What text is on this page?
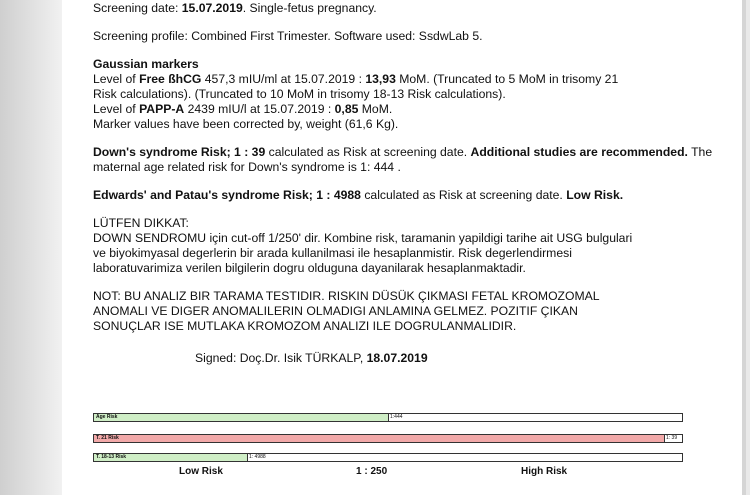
Screening date: 15.07.2019. Single-fetus pregnancy.

Screening profile: Combined First Trimester. Software used: SsdwLab 5.

Gaussian markers

Level of Free ßhCG 457,3 mIU/ml at 15.07.2019 : 13,93 MoM. (Truncated to 5 MoM in trisomy 21

Risk calculations). (Truncated to 10 MoM in trisomy 18-13 Risk calculations).

Level of PAPP-A 2439 mIU/l at 15.07.2019 : 0,85 MoM.

Marker values have been corrected by, weight (61,6 Kg).

Down's syndrome Risk; 1 : 39 calculated as Risk at screening date. Additional studies are recommended. The maternal age related risk for Down's syndrome is 1: 444 .

Edwards' and Patau's syndrome Risk; 1 : 4988 calculated as Risk at screening date. Low Risk.

LÜTFEN DIKKAT:

DOWN SENDROMU için cut-off 1/250' dir. Kombine risk, taramanin yapildigi tarihe ait USG bulgulari

ve biyokimyasal degerlerin bir arada kullanilmasi ile hesaplanmistir. Risk degerlendirmesi

laboratuvarimiza verilen bilgilerin dogru olduguna dayanilarak hesaplanmaktadir.

NOT: BU ANALIZ BIR TARAMA TESTIDIR. RISKIN DÜSÜK ÇIKMASI FETAL KROMOZOMAL

ANOMALI VE DIGER ANOMALILERIN OLMADIGI ANLAMINA GELMEZ. POZITIF ÇIKAN

SONUÇLAR ISE MUTLAKA KROMOZOM ANALIZI ILE DOGRULANMALIDIR.

Signed: Doç.Dr. Isik TÜRKALP, 18.07.2019

Age Risk	1:444
T. 21 Risk	1: 39
T. 18-13 Risk	1: 4988
Low Risk	1 : 250	High Risk
